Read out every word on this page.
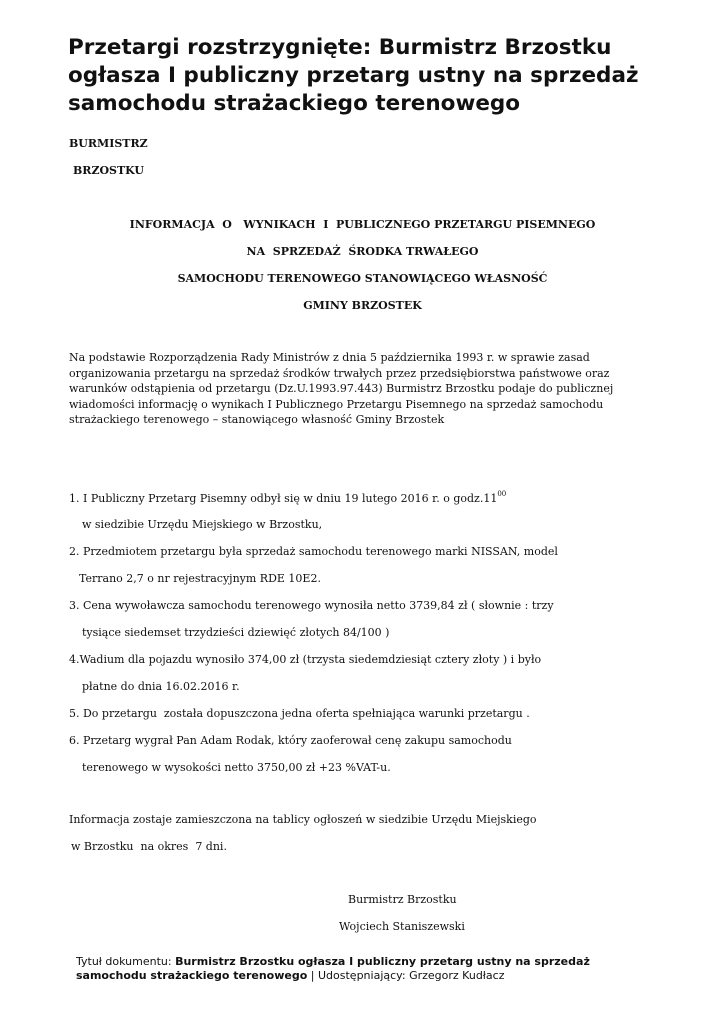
Przetargi rozstrzygnięte: Burmistrz Brzostku ogłasza I publiczny przetarg ustny na sprzedaż samochodu strażackiego terenowego
BURMISTRZ
BRZOSTKU
INFORMACJA  O   WYNIKACH  I  PUBLICZNEGO PRZETARGU PISEMNEGO
NA  SPRZEDAŻ  ŚRODKA TRWAŁEGO
SAMOCHODU TERENOWEGO STANOWIĄCEGO WŁASNOŚĆ
GMINY BRZOSTEK

Na podstawie Rozporządzenia Rady Ministrów z dnia 5 października 1993 r. w sprawie zasad organizowania przetargu na sprzedaż środków trwałych przez przedsiębiorstwa państwowe oraz warunków odstąpienia od przetargu (Dz.U.1993.97.443) Burmistrz Brzostku podaje do publicznej wiadomości informację o wynikach I Publicznego Przetargu Pisemnego na sprzedaż samochodu strażackiego terenowego – stanowiącego własność Gminy Brzostek

1. I Publiczny Przetarg Pisemny odbył się w dniu 19 lutego 2016 r. o $godz.11^{00}$
w siedzibie Urzędu Miejskiego w Brzostku,
2. Przedmiotem przetargu była sprzedaż samochodu terenowego marki NISSAN, model
Terrano 2,7 o nr rejestracyjnym RDE 10E2.
3. Cena wywoławcza samochodu terenowego wynosiła netto 3739,84 zł ( słownie : trzy
tysiące siedemset trzydzieści dziewięć złotych 84/100 )
4.Wadium dla pojazdu wynosiło 374,00 zł (trzysta siedemdziesiąt cztery złoty ) i było
płatne do dnia 16.02.2016 r.
5. Do przetargu  została dopuszczona jedna oferta spełniająca warunki przetargu .
6. Przetarg wygrał Pan Adam Rodak, który zaoferował cenę zakupu samochodu
terenowego w wysokości netto 3750,00 zł +23 %VAT-u.
Informacja zostaje zamieszczona na tablicy ogłoszeń w siedzibie Urzędu Miejskiego
w Brzostku  na okres  7 dni.
Burmistrz Brzostku
Wojciech Staniszewski

Tytuł dokumentu: Burmistrz Brzostku ogłasza I publiczny przetarg ustny na sprzedaż samochodu strażackiego terenowego | Udostępniający: Grzegorz Kudłacz
